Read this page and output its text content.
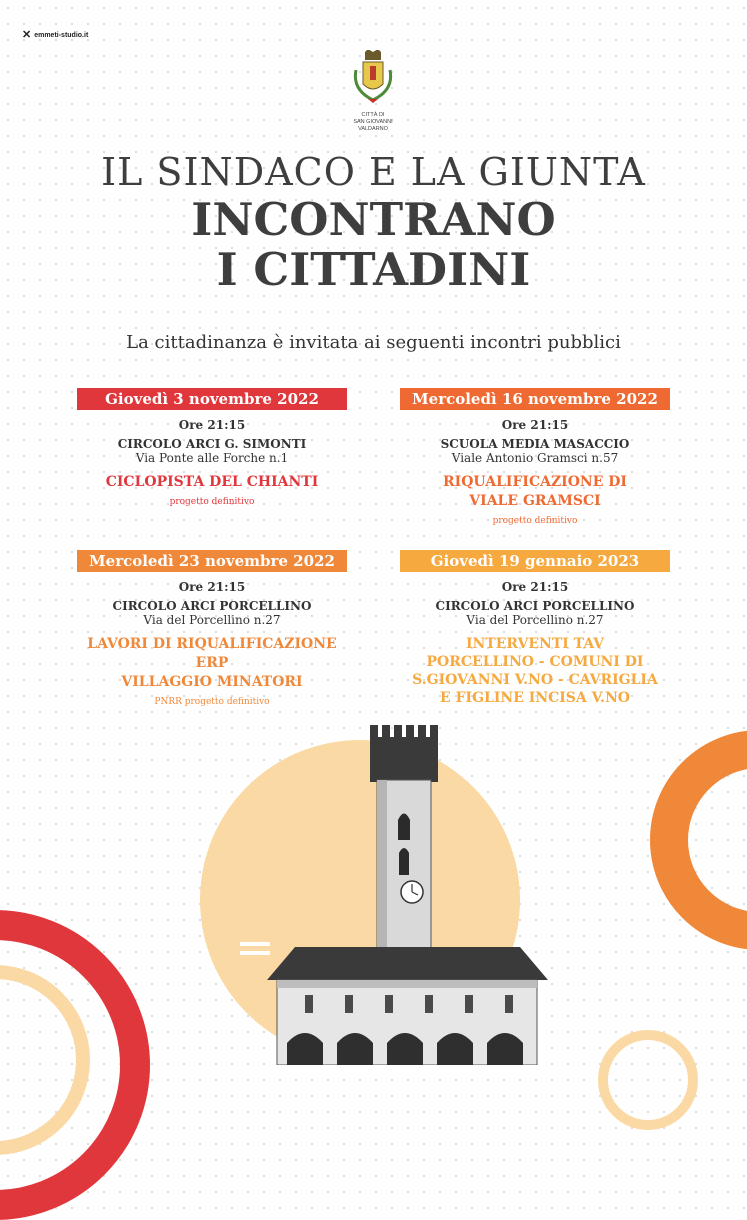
✕ emmeti-studio.it
CITTÀ DI
SAN GIOVANNI VALDARNO
IL SINDACO E LA GIUNTA
INCONTRANO
I CITTADINI
La cittadinanza è invitata ai seguenti incontri pubblici
Giovedì 3 novembre 2022
Ore 21:15
CIRCOLO ARCI G. SIMONTI
Via Ponte alle Forche n.1
CICLOPISTA DEL CHIANTI
progetto definitivo
Mercoledì 16 novembre 2022
Ore 21:15
SCUOLA MEDIA MASACCIO
Viale Antonio Gramsci n.57
RIQUALIFICAZIONE DI
VIALE GRAMSCI
progetto definitivo
Mercoledì 23 novembre 2022
Ore 21:15
CIRCOLO ARCI PORCELLINO
Via del Porcellino n.27
LAVORI DI RIQUALIFICAZIONE ERP
VILLAGGIO MINATORI
PNRR progetto definitivo
Giovedì 19 gennaio 2023
Ore 21:15
CIRCOLO ARCI PORCELLINO
Via del Porcellino n.27
INTERVENTI TAV
PORCELLINO - COMUNI DI
S.GIOVANNI V.NO - CAVRIGLIA
E FIGLINE INCISA V.NO
